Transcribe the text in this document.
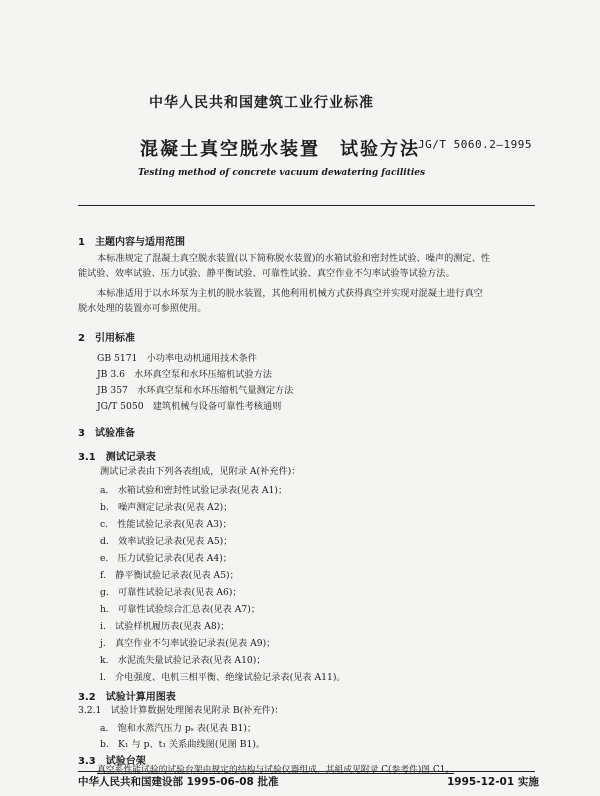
中华人民共和国建筑工业行业标准
混凝土真空脱水装置　试验方法
JG/T 5060.2—1995
Testing method of concrete vacuum dewatering facilities
1　主题内容与适用范围
本标准规定了混凝土真空脱水装置(以下简称脱水装置)的水箱试验和密封性试验、噪声的测定、性
能试验、效率试验、压力试验、静平衡试验、可靠性试验、真空作业不匀率试验等试验方法。
本标准适用于以水环泵为主机的脱水装置，其他利用机械方式获得真空并实现对混凝土进行真空
脱水处理的装置亦可参照使用。
2　引用标准
GB 5171　小功率电动机通用技术条件
JB 3.6　水环真空泵和水环压缩机试验方法
JB 357　水环真空泵和水环压缩机气量测定方法
JG/T 5050　建筑机械与设备可靠性考核通则
3　试验准备
3.1　测试记录表
测试记录表由下列各表组成，见附录 A(补充件)：
a.　水箱试验和密封性试验记录表(见表 A1)；
b.　噪声测定记录表(见表 A2)；
c.　性能试验记录表(见表 A3)；
d.　效率试验记录表(见表 A5)；
e.　压力试验记录表(见表 A4)；
f.　静平衡试验记录表(见表 A5)；
g.　可靠性试验记录表(见表 A6)；
h.　可靠性试验综合汇总表(见表 A7)；
i.　试验样机履历表(见表 A8)；
j.　真空作业不匀率试验记录表(见表 A9)；
k.　水泥流失量试验记录表(见表 A10)；
l.　介电强度、电机三相平衡、绝缘试验记录表(见表 A11)。
3.2　试验计算用图表
3.2.1　试验计算数据处理图表见附录 B(补充件)：
a.　饱和水蒸汽压力 pₛ 表(见表 B1)；
b.　K₁ 与 p、t₁ 关系曲线图(见图 B1)。
3.3　试验台架
真空系性能试验的试验台架由规定的结构与试验仪器组成，其組成见附录 C(参考件)图 C1。
中华人民共和国建设部 1995-06-08 批准	1995-12-01 实施
